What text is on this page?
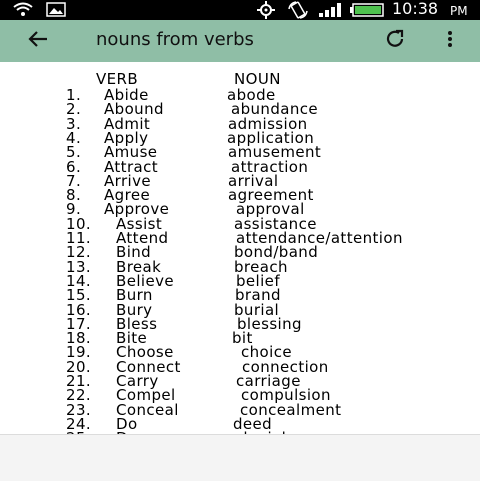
10:38 PM
nouns from verbs
VERB	NOUN
1. Abide	abode
2. Abound	abundance
3. Admit	admission
4. Apply	application
5. Amuse	amusement
6. Attract	attraction
7. Arrive	arrival
8. Agree	agreement
9. Approve	approval
10. Assist	assistance
11. Attend	attendance/attention
12. Bind	bond/band
13. Break	breach
14. Believe	belief
15. Burn	brand
16. Bury	burial
17. Bless	blessing
18. Bite	bit
19. Choose	choice
20. Connect	connection
21. Carry	carriage
22. Compel	compulsion
23. Conceal	concealment
24. Do	deed
